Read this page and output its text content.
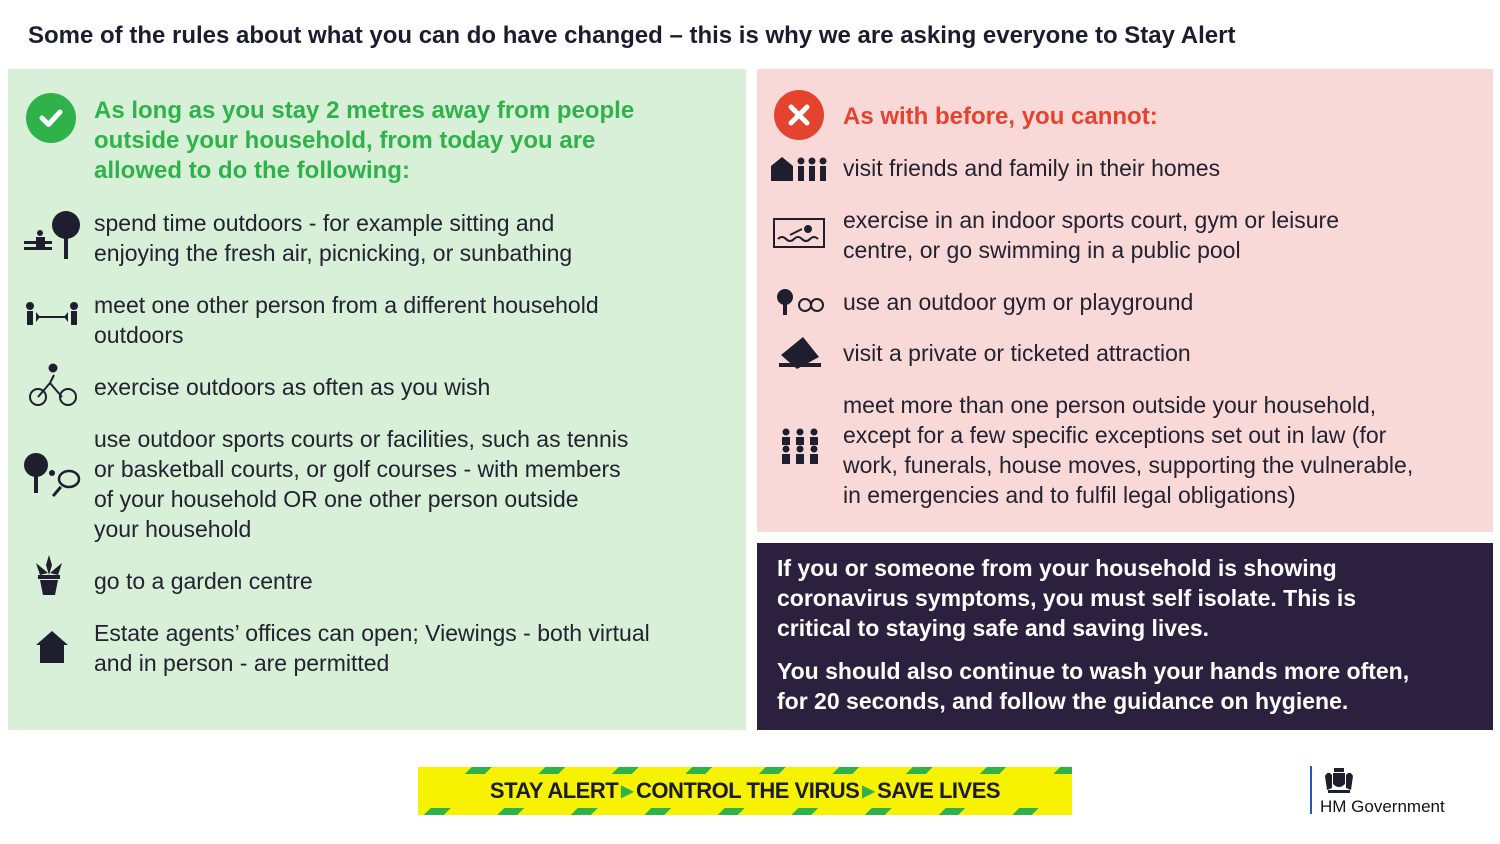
Some of the rules about what you can do have changed – this is why we are asking everyone to Stay Alert
As long as you stay 2 metres away from people
outside your household, from today you are
allowed to do the following:
spend time outdoors - for example sitting and
enjoying the fresh air, picnicking, or sunbathing
meet one other person from a different household
outdoors
exercise outdoors as often as you wish
use outdoor sports courts or facilities, such as tennis
or basketball courts, or golf courses - with members
of your household OR one other person outside
your household
go to a garden centre
Estate agents’ offices can open; Viewings - both virtual
and in person - are permitted
As with before, you cannot:
visit friends and family in their homes
exercise in an indoor sports court, gym or leisure
centre, or go swimming in a public pool
use an outdoor gym or playground
visit a private or ticketed attraction
meet more than one person outside your household,
except for a few specific exceptions set out in law (for
work, funerals, house moves, supporting the vulnerable,
in emergencies and to fulfil legal obligations)
If you or someone from your household is showing
coronavirus symptoms, you must self isolate. This is
critical to staying safe and saving lives.
You should also continue to wash your hands more often,
for 20 seconds, and follow the guidance on hygiene.
STAY ALERT ▶ CONTROL THE VIRUS ▶ SAVE LIVES
HM Government
